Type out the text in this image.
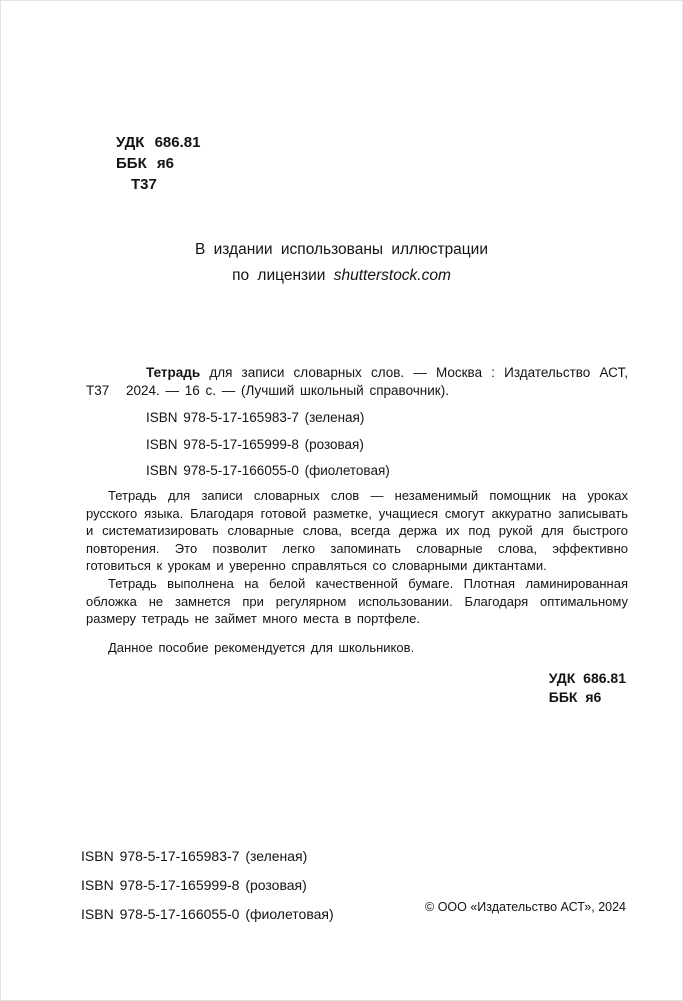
УДК 686.81
ББК я6
Т37
В издании использованы иллюстрации
по лицензии shutterstock.com
Т37

Тетрадь для записи словарных слов. — Москва : Издательство АСТ, 2024. — 16 с. — (Лучший школьный справочник).

ISBN 978-5-17-165983-7 (зеленая)
ISBN 978-5-17-165999-8 (розовая)
ISBN 978-5-17-166055-0 (фиолетовая)

Тетрадь для записи словарных слов — незаменимый помощник на уроках русского языка. Благодаря готовой разметке, учащиеся смогут аккуратно записывать и систематизировать словарные слова, всегда держа их под рукой для быстрого повторения. Это позволит легко запоминать словарные слова, эффективно готовиться к урокам и уверенно справляться со словарными диктантами.

Тетрадь выполнена на белой качественной бумаге. Плотная ламинированная обложка не замнется при регулярном использовании. Благодаря оптимальному размеру тетрадь не займет много места в портфеле.

Данное пособие рекомендуется для школьников.

УДК 686.81
ББК я6
ISBN 978-5-17-165983-7 (зеленая)
ISBN 978-5-17-165999-8 (розовая)
ISBN 978-5-17-166055-0 (фиолетовая)	© ООО «Издательство АСТ», 2024
